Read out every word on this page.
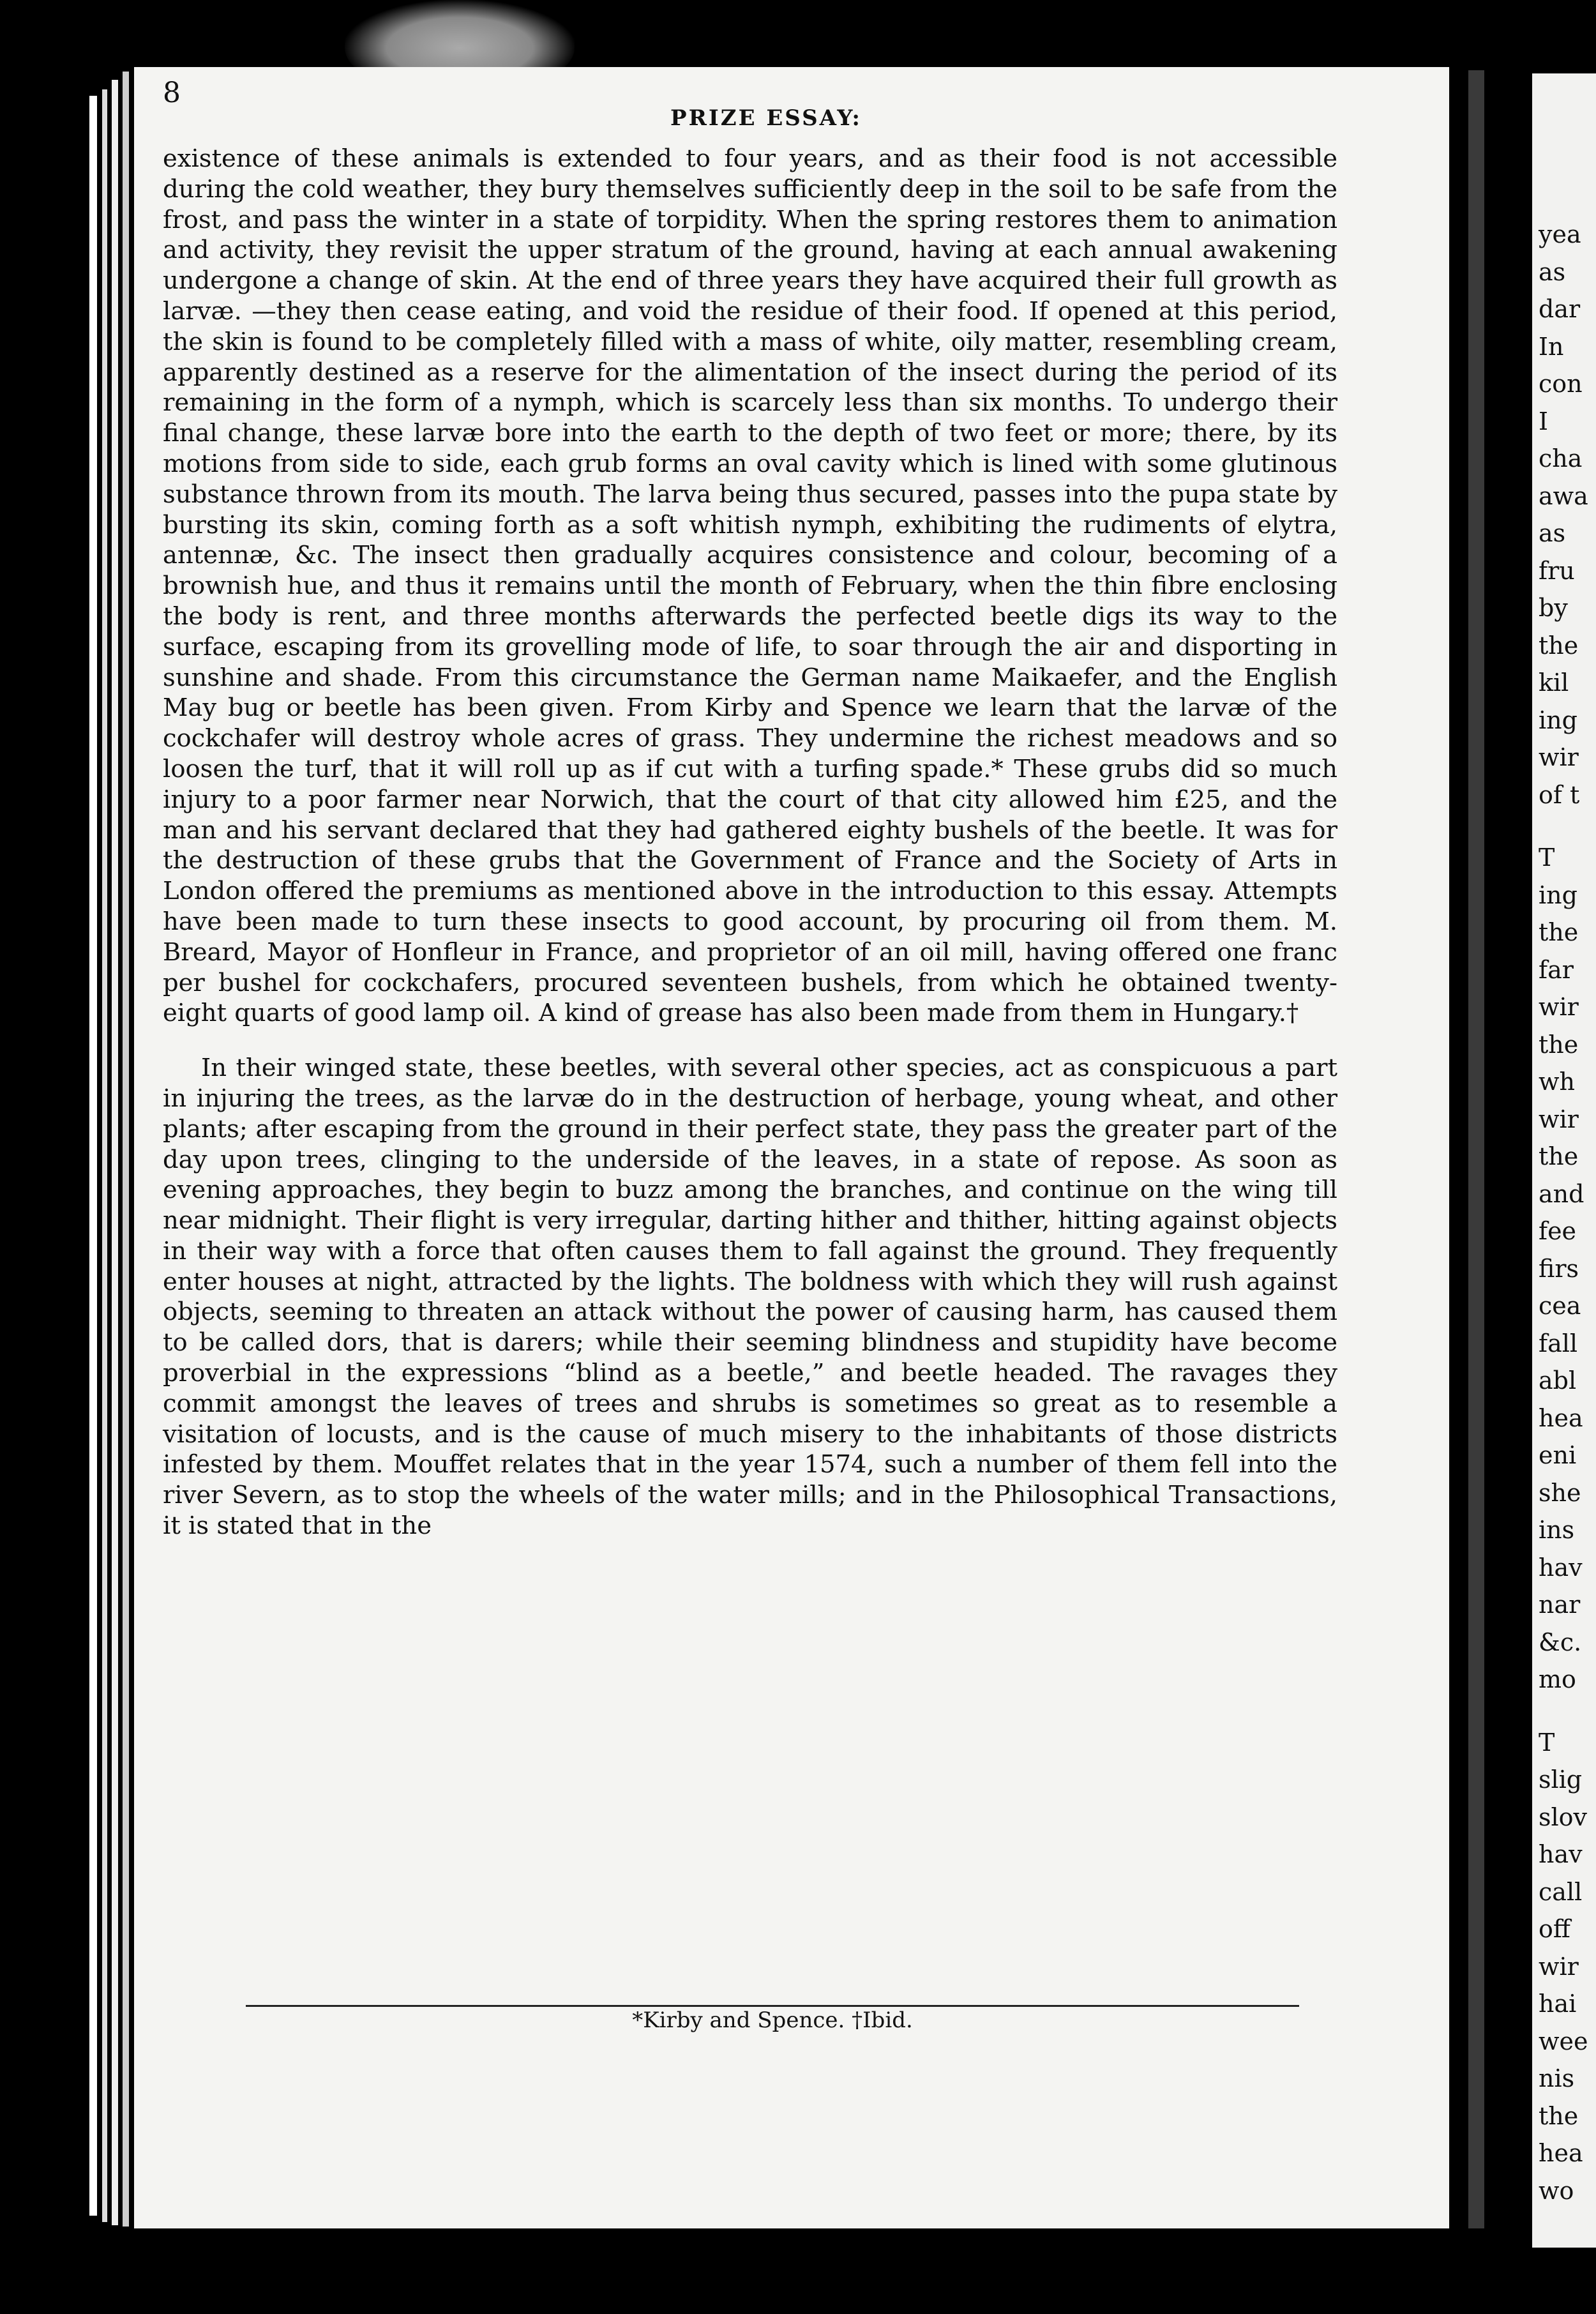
8
PRIZE ESSAY:

existence of these animals is extended to four years, and as their food is not accessible during the cold weather, they bury themselves sufficiently deep in the soil to be safe from the frost, and pass the winter in a state of torpidity. When the spring restores them to animation and activity, they revisit the upper stratum of the ground, having at each annual awakening undergone a change of skin. At the end of three years they have acquired their full growth as larvæ. —they then cease eating, and void the residue of their food. If opened at this period, the skin is found to be completely filled with a mass of white, oily matter, resembling cream, apparently destined as a reserve for the alimentation of the insect during the period of its remaining in the form of a nymph, which is scarcely less than six months. To undergo their final change, these larvæ bore into the earth to the depth of two feet or more; there, by its motions from side to side, each grub forms an oval cavity which is lined with some glutinous substance thrown from its mouth. The larva being thus secured, passes into the pupa state by bursting its skin, coming forth as a soft whitish nymph, exhibiting the rudiments of elytra, antennæ, &c. The insect then gradually acquires consistence and colour, becoming of a brownish hue, and thus it remains until the month of February, when the thin fibre enclosing the body is rent, and three months afterwards the perfected beetle digs its way to the surface, escaping from its grovelling mode of life, to soar through the air and disporting in sunshine and shade. From this circumstance the German name Maikaefer, and the English May bug or beetle has been given. From Kirby and Spence we learn that the larvæ of the cockchafer will destroy whole acres of grass. They undermine the richest meadows and so loosen the turf, that it will roll up as if cut with a turfing spade.* These grubs did so much injury to a poor farmer near Norwich, that the court of that city allowed him £25, and the man and his servant declared that they had gathered eighty bushels of the beetle. It was for the destruction of these grubs that the Government of France and the Society of Arts in London offered the premiums as mentioned above in the introduction to this essay. Attempts have been made to turn these insects to good account, by procuring oil from them. M. Breard, Mayor of Honfleur in France, and proprietor of an oil mill, having offered one franc per bushel for cockchafers, procured seventeen bushels, from which he obtained twenty-eight quarts of good lamp oil. A kind of grease has also been made from them in Hungary.†

In their winged state, these beetles, with several other species, act as conspicuous a part in injuring the trees, as the larvæ do in the destruction of herbage, young wheat, and other plants; after escaping from the ground in their perfect state, they pass the greater part of the day upon trees, clinging to the underside of the leaves, in a state of repose. As soon as evening approaches, they begin to buzz among the branches, and continue on the wing till near midnight. Their flight is very irregular, darting hither and thither, hitting against objects in their way with a force that often causes them to fall against the ground. They frequently enter houses at night, attracted by the lights. The boldness with which they will rush against objects, seeming to threaten an attack without the power of causing harm, has caused them to be called dors, that is darers; while their seeming blindness and stupidity have become proverbial in the expressions “blind as a beetle,” and beetle headed. The ravages they commit amongst the leaves of trees and shrubs is sometimes so great as to resemble a visitation of locusts, and is the cause of much misery to the inhabitants of those districts infested by them. Mouffet relates that in the year 1574, such a number of them fell into the river Severn, as to stop the wheels of the water mills; and in the Philosophical Transactions, it is stated that in the

*Kirby and Spence. †Ibid.
yea
as
dar
In
con
I
cha
awa
as
fru
by
the
kil
ing
wir
of t
T
ing
the
far
wir
the
wh
wir
the
and
fee
firs
cea
fall
abl
hea
eni
she
ins
hav
nar
&c.
mo
T
slig
slov
hav
call
off
wir
hai
wee
nis
the
hea
wo
